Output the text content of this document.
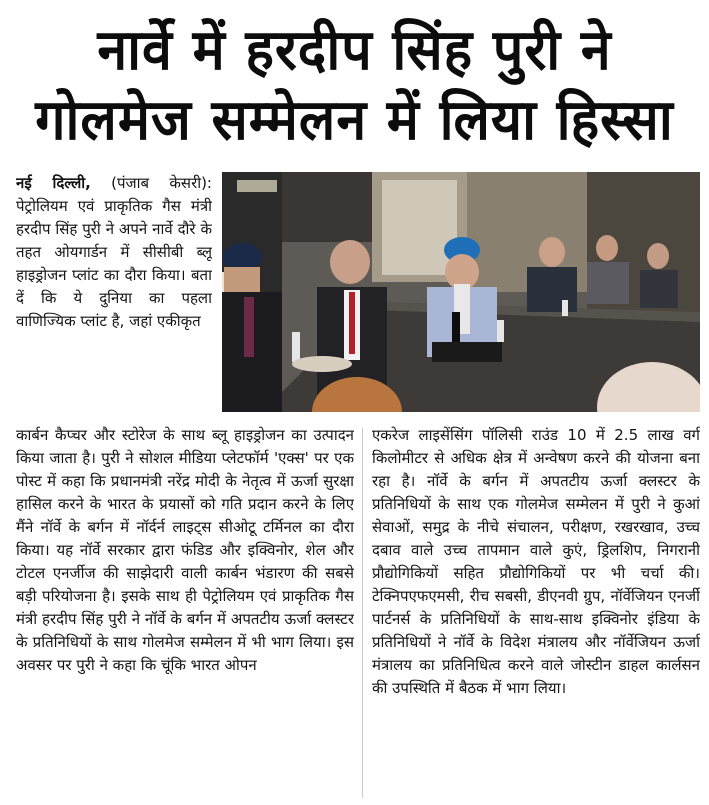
नार्वे में हरदीप सिंह पुरी ने
गोलमेज सम्मेलन में लिया हिस्सा

नई दिल्ली, (पंजाब केसरी): पेट्रोलियम एवं प्राकृतिक गैस मंत्री हरदीप सिंह पुरी ने अपने नार्वे दौरे के तहत ओयगार्डन में सीसीबी ब्लू हाइड्रोजन प्लांट का दौरा किया। बता दें कि ये दुनिया का पहला वाणिज्यिक प्लांट है, जहां एकीकृत

कार्बन कैप्चर और स्टोरेज के साथ ब्लू हाइड्रोजन का उत्पादन किया जाता है। पुरी ने सोशल मीडिया प्लेटफॉर्म 'एक्स' पर एक पोस्ट में कहा कि प्रधानमंत्री नरेंद्र मोदी के नेतृत्व में ऊर्जा सुरक्षा हासिल करने के भारत के प्रयासों को गति प्रदान करने के लिए मैंने नॉर्वे के बर्गन में नॉर्दर्न लाइट्स सीओटू टर्मिनल का दौरा किया। यह नॉर्वे सरकार द्वारा फंडिड और इक्विनोर, शेल और टोटल एनर्जीज की साझेदारी वाली कार्बन भंडारण की सबसे बड़ी परियोजना है। इसके साथ ही पेट्रोलियम एवं प्राकृतिक गैस मंत्री हरदीप सिंह पुरी ने नॉर्वे के बर्गन में अपतटीय ऊर्जा क्लस्टर के प्रतिनिधियों के साथ गोलमेज सम्मेलन में भी भाग लिया। इस अवसर पर पुरी ने कहा कि चूंकि भारत ओपन

एकरेज लाइसेंसिंग पॉलिसी राउंड 10 में 2.5 लाख वर्ग किलोमीटर से अधिक क्षेत्र में अन्वेषण करने की योजना बना रहा है। नॉर्वे के बर्गन में अपतटीय ऊर्जा क्लस्टर के प्रतिनिधियों के साथ एक गोलमेज सम्मेलन में पुरी ने कुआं सेवाओं, समुद्र के नीचे संचालन, परीक्षण, रखरखाव, उच्च दबाव वाले उच्च तापमान वाले कुएं, ड्रिलशिप, निगरानी प्रौद्योगिकियों सहित प्रौद्योगिकियों पर भी चर्चा की। टेक्निपएफएमसी, रीच सबसी, डीएनवी ग्रुप, नॉर्वेजियन एनर्जी पार्टनर्स के प्रतिनिधियों के साथ-साथ इक्विनोर इंडिया के प्रतिनिधियों ने नॉर्वे के विदेश मंत्रालय और नॉर्वेजियन ऊर्जा मंत्रालय का प्रतिनिधित्व करने वाले जोस्टीन डाहल कार्लसन की उपस्थिति में बैठक में भाग लिया।
